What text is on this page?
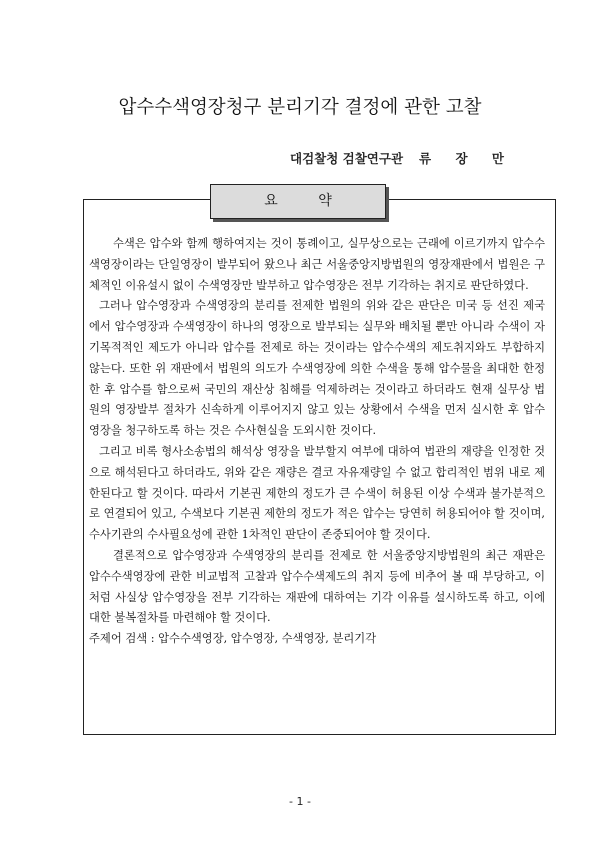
압수수색영장청구 분리기각 결정에 관한 고찰
대검찰청 검찰연구관 류 장 만
요 약

수색은 압수와 함께 행하여지는 것이 통례이고, 실무상으로는 근래에 이르기까지 압수수색영장이라는 단일영장이 발부되어 왔으나 최근 서울중앙지방법원의 영장재판에서 법원은 구체적인 이유설시 없이 수색영장만 발부하고 압수영장은 전부 기각하는 취지로 판단하였다.

그러나 압수영장과 수색영장의 분리를 전제한 법원의 위와 같은 판단은 미국 등 선진 제국에서 압수영장과 수색영장이 하나의 영장으로 발부되는 실무와 배치될 뿐만 아니라 수색이 자기목적적인 제도가 아니라 압수를 전제로 하는 것이라는 압수수색의 제도취지와도 부합하지 않는다. 또한 위 재판에서 법원의 의도가 수색영장에 의한 수색을 통해 압수물을 최대한 한정한 후 압수를 함으로써 국민의 재산상 침해를 억제하려는 것이라고 하더라도 현재 실무상 법원의 영장발부 절차가 신속하게 이루어지지 않고 있는 상황에서 수색을 먼저 실시한 후 압수영장을 청구하도록 하는 것은 수사현실을 도외시한 것이다.

그리고 비록 형사소송법의 해석상 영장을 발부할지 여부에 대하여 법관의 재량을 인정한 것으로 해석된다고 하더라도, 위와 같은 재량은 결코 자유재량일 수 없고 합리적인 범위 내로 제한된다고 할 것이다. 따라서 기본권 제한의 정도가 큰 수색이 허용된 이상 수색과 불가분적으로 연결되어 있고, 수색보다 기본권 제한의 정도가 적은 압수는 당연히 허용되어야 할 것이며, 수사기관의 수사필요성에 관한 1차적인 판단이 존중되어야 할 것이다.

결론적으로 압수영장과 수색영장의 분리를 전제로 한 서울중앙지방법원의 최근 재판은 압수수색영장에 관한 비교법적 고찰과 압수수색제도의 취지 등에 비추어 볼 때 부당하고, 이처럼 사실상 압수영장을 전부 기각하는 재판에 대하여는 기각 이유를 설시하도록 하고, 이에 대한 불복절차를 마련해야 할 것이다.

주제어 검색 : 압수수색영장, 압수영장, 수색영장, 분리기각

- 1 -
